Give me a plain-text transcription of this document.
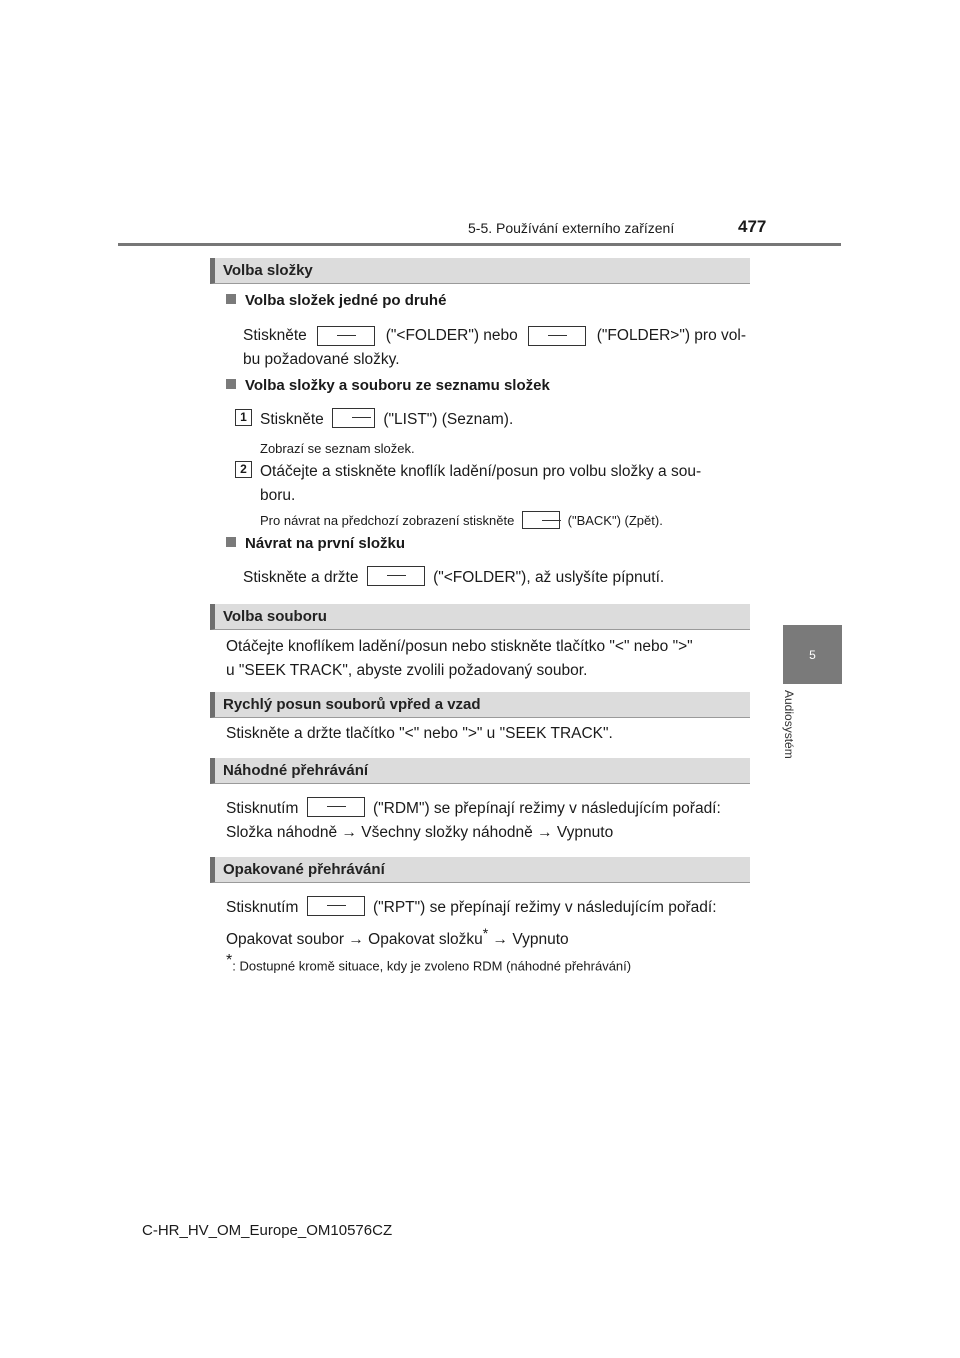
5-5. Používání externího zařízení	477
5
Audiosystém
Volba složky
Volba složek jedné po druhé
Stiskněte	("<FOLDER") nebo	("FOLDER>") pro vol-
bu požadované složky.
Volba složky a souboru ze seznamu složek
1 Stiskněte	("LIST") (Seznam).
Zobrazí se seznam složek.
2 Otáčejte a stiskněte knoflík ladění/posun pro volbu složky a sou-
boru.
Pro návrat na předchozí zobrazení stiskněte	("BACK") (Zpět).
Návrat na první složku
Stiskněte a držte	("<FOLDER"), až uslyšíte pípnutí.
Volba souboru
Otáčejte knoflíkem ladění/posun nebo stiskněte tlačítko "<" nebo ">"
u "SEEK TRACK", abyste zvolili požadovaný soubor.
Rychlý posun souborů vpřed a vzad
Stiskněte a držte tlačítko "<" nebo ">" u "SEEK TRACK".
Náhodné přehrávání
Stisknutím	("RDM") se přepínají režimy v následujícím pořadí:
Složka náhodně → Všechny složky náhodně → Vypnuto
Opakované přehrávání
Stisknutím	("RPT") se přepínají režimy v následujícím pořadí:
Opakovat soubor → Opakovat složku* → Vypnuto
*: Dostupné kromě situace, kdy je zvoleno RDM (náhodné přehrávání)
C-HR_HV_OM_Europe_OM10576CZ
